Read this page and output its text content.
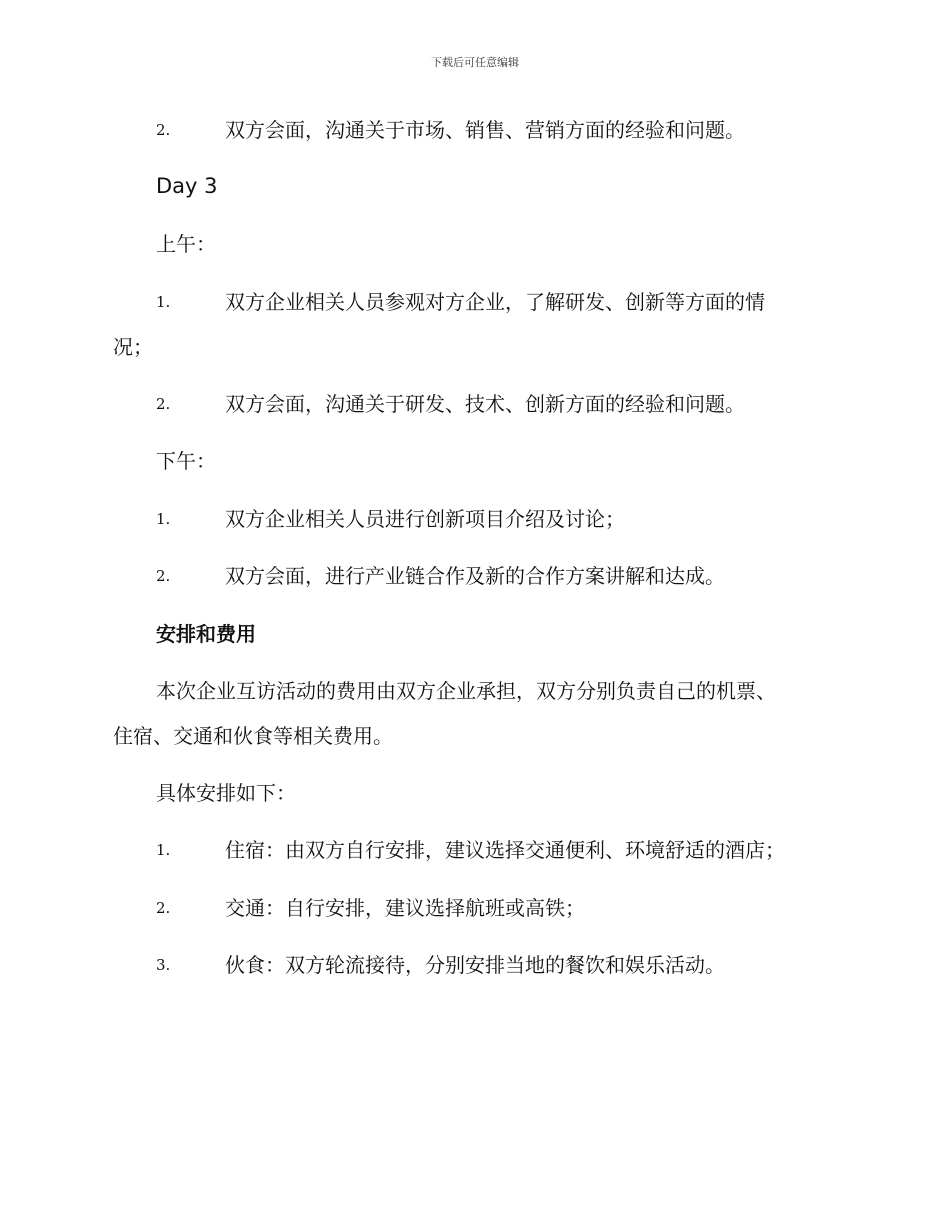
下载后可任意编辑
2.	双方会面，沟通关于市场、销售、营销方面的经验和问题。
Day 3
上午：
1.	双方企业相关人员参观对方企业，了解研发、创新等方面的情
况；
2.	双方会面，沟通关于研发、技术、创新方面的经验和问题。
下午：
1.	双方企业相关人员进行创新项目介绍及讨论；
2.	双方会面，进行产业链合作及新的合作方案讲解和达成。
安排和费用
本次企业互访活动的费用由双方企业承担，双方分别负责自己的机票、
住宿、交通和伙食等相关费用。
具体安排如下：
1.	住宿：由双方自行安排，建议选择交通便利、环境舒适的酒店；
2.	交通：自行安排，建议选择航班或高铁；
3.	伙食：双方轮流接待，分别安排当地的餐饮和娱乐活动。
